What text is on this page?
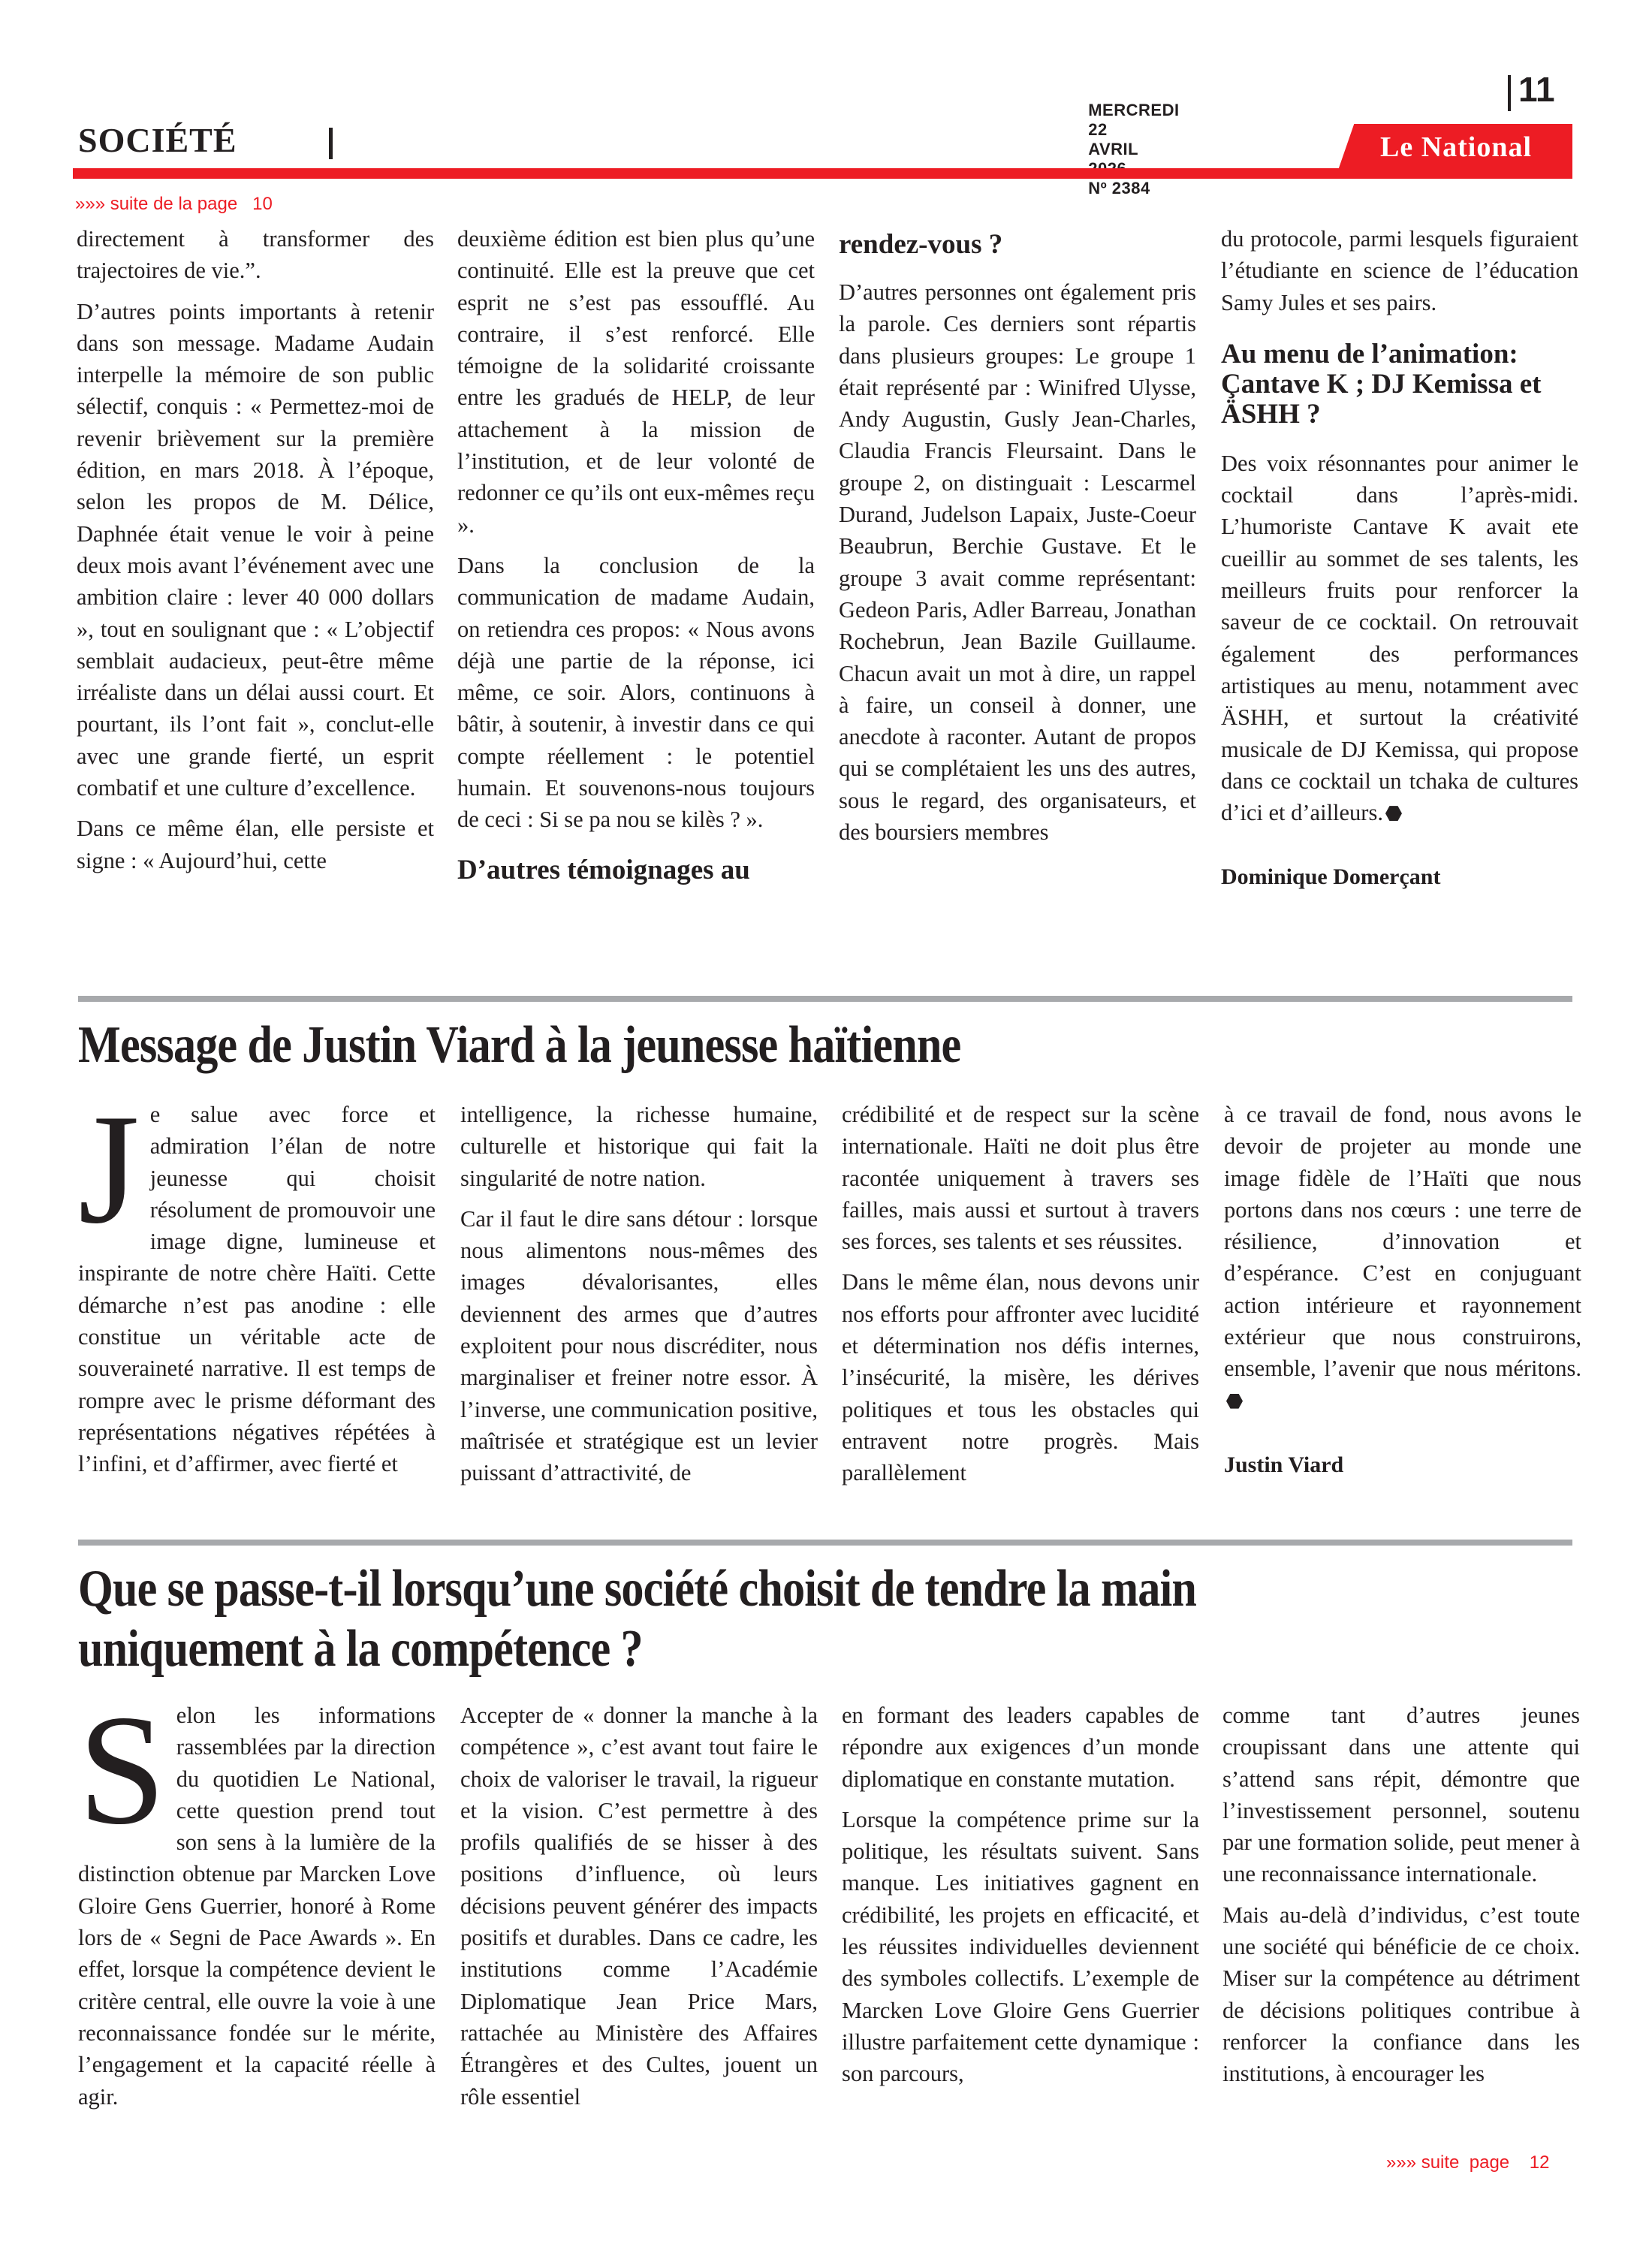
MERCREDI
22
AVRIL

Nº 2384

11
SOCIÉTÉ	Le National
»»» suite de la page   10

directement à transformer des trajectoires de vie.”.

D’autres points importants à retenir dans son message. Madame Audain interpelle la mémoire de son public sélectif, conquis : « Permettez-moi de revenir brièvement sur la première édition, en mars 2018. À l’époque, selon les propos de M. Délice, Daphnée était venue le voir à peine deux mois avant l’événement avec une ambition claire : lever 40 000 dollars », tout en soulignant que : « L’objectif semblait audacieux, peut-être même irréaliste dans un délai aussi court. Et pourtant, ils l’ont fait », conclut-elle avec une grande fierté, un esprit combatif et une culture d’excellence.

Dans ce même élan, elle persiste et signe : « Aujourd’hui, cette

deuxième édition est bien plus qu’une continuité. Elle est la preuve que cet esprit ne s’est pas essoufflé. Au contraire, il s’est renforcé. Elle témoigne de la solidarité croissante entre les gradués de HELP, de leur attachement à la mission de l’institution, et de leur volonté de redonner ce qu’ils ont eux-mêmes reçu ».

Dans la conclusion de la communication de madame Audain, on retiendra ces propos: « Nous avons déjà une partie de la réponse, ici même, ce soir. Alors, continuons à bâtir, à soutenir, à investir dans ce qui compte réellement : le potentiel humain. Et souvenons-nous toujours de ceci : Si se pa nou se kilès ? ».

D’autres témoignages au
rendez-vous ?

D’autres personnes ont également pris la parole. Ces derniers sont répartis dans plusieurs groupes: Le groupe 1 était représenté par : Winifred Ulysse, Andy Augustin, Gusly Jean-Charles, Claudia Francis Fleursaint. Dans le groupe 2, on distinguait : Lescarmel Durand, Judelson Lapaix, Juste-Coeur Beaubrun, Berchie Gustave. Et le groupe 3 avait comme représentant: Gedeon Paris, Adler Barreau, Jonathan Rochebrun, Jean Bazile Guillaume. Chacun avait un mot à dire, un rappel à faire, un conseil à donner, une anecdote à raconter. Autant de propos qui se complétaient les uns des autres, sous le regard, des organisateurs, et des boursiers membres

du protocole, parmi lesquels figuraient l’étudiante en science de l’éducation Samy Jules et ses pairs.

Au menu de l’animation: Çantave K ; DJ Kemissa et ÄSHH ?

Des voix résonnantes pour animer le cocktail dans l’après-midi. L’humoriste Cantave K avait ete cueillir au sommet de ses talents, les meilleurs fruits pour renforcer la saveur de ce cocktail. On retrouvait également des performances artistiques au menu, notamment avec ÄSHH, et surtout la créativité musicale de DJ Kemissa, qui propose dans ce cocktail un tchaka de cultures d’ici et d’ailleurs.

Dominique Domerçant

Message de Justin Viard à la jeunesse haïtienne

Je salue avec force et admiration l’élan de notre jeunesse qui choisit résolument de promouvoir une image digne, lumineuse et inspirante de notre chère Haïti. Cette démarche n’est pas anodine : elle constitue un véritable acte de souveraineté narrative. Il est temps de rompre avec le prisme déformant des représentations négatives répétées à l’infini, et d’affirmer, avec fierté et

intelligence, la richesse humaine, culturelle et historique qui fait la singularité de notre nation.

Car il faut le dire sans détour : lorsque nous alimentons nous-mêmes des images dévalorisantes, elles deviennent des armes que d’autres exploitent pour nous discréditer, nous marginaliser et freiner notre essor. À l’inverse, une communication positive, maîtrisée et stratégique est un levier puissant d’attractivité, de

crédibilité et de respect sur la scène internationale. Haïti ne doit plus être racontée uniquement à travers ses failles, mais aussi et surtout à travers ses forces, ses talents et ses réussites.

Dans le même élan, nous devons unir nos efforts pour affronter avec lucidité et détermination nos défis internes, l’insécurité, la misère, les dérives politiques et tous les obstacles qui entravent notre progrès. Mais parallèlement

à ce travail de fond, nous avons le devoir de projeter au monde une image fidèle de l’Haïti que nous portons dans nos cœurs : une terre de résilience, d’innovation et d’espérance. C’est en conjuguant action intérieure et rayonnement extérieur que nous construirons, ensemble, l’avenir que nous méritons.

Justin Viard

Que se passe-t-il lorsqu’une société choisit de tendre la main
uniquement à la compétence ?

Selon les informations rassemblées par la direction du quotidien Le National, cette question prend tout son sens à la lumière de la distinction obtenue par Marcken Love Gloire Gens Guerrier, honoré à Rome lors de « Segni de Pace Awards ». En effet, lorsque la compétence devient le critère central, elle ouvre la voie à une reconnaissance fondée sur le mérite, l’engagement et la capacité réelle à agir.

Accepter de « donner la manche à la compétence », c’est avant tout faire le choix de valoriser le travail, la rigueur et la vision. C’est permettre à des profils qualifiés de se hisser à des positions d’influence, où leurs décisions peuvent générer des impacts positifs et durables. Dans ce cadre, les institutions comme l’Académie Diplomatique Jean Price Mars, rattachée au Ministère des Affaires Étrangères et des Cultes, jouent un rôle essentiel

en formant des leaders capables de répondre aux exigences d’un monde diplomatique en constante mutation.

Lorsque la compétence prime sur la politique, les résultats suivent. Sans manque. Les initiatives gagnent en crédibilité, les projets en efficacité, et les réussites individuelles deviennent des symboles collectifs. L’exemple de Marcken Love Gloire Gens Guerrier illustre parfaitement cette dynamique : son parcours,

comme tant d’autres jeunes croupissant dans une attente qui s’attend sans répit, démontre que l’investissement personnel, soutenu par une formation solide, peut mener à une reconnaissance internationale.

Mais au-delà d’individus, c’est toute une société qui bénéficie de ce choix. Miser sur la compétence au détriment de décisions politiques contribue à renforcer la confiance dans les institutions, à encourager les

»»» suite  page    12
